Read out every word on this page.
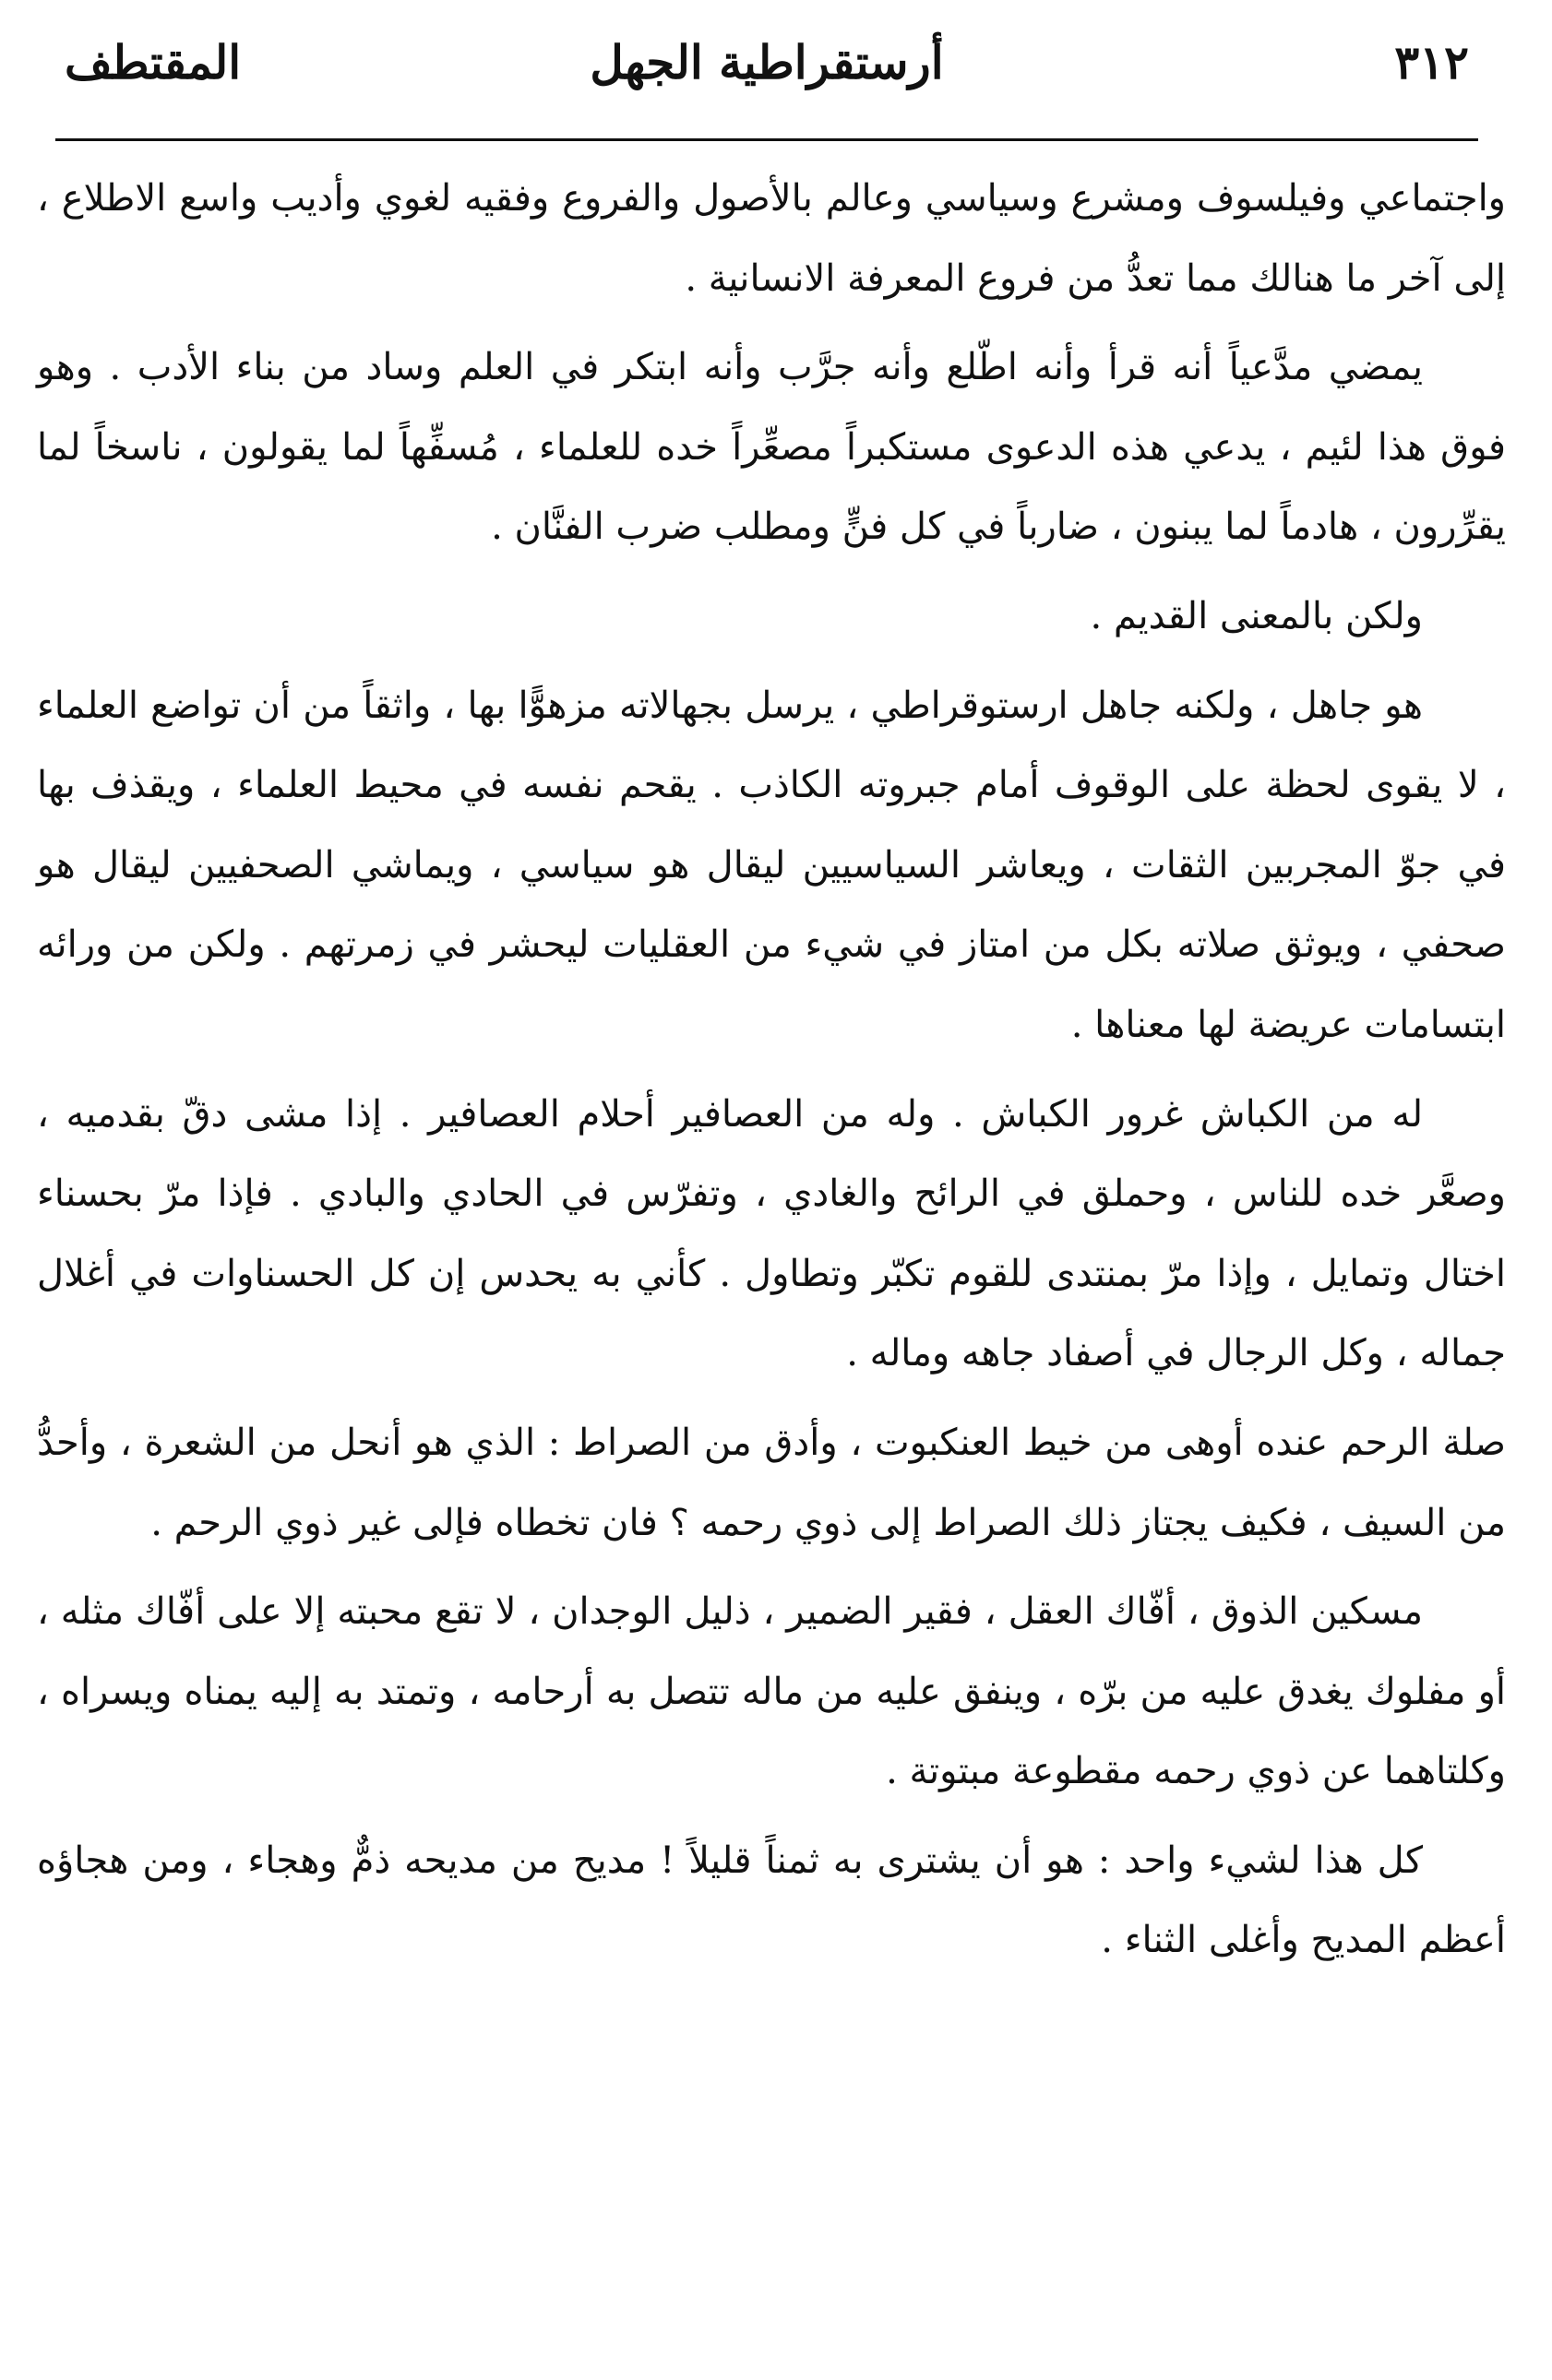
٣١٢
أرستقراطية الجهل
المقتطف

واجتماعي وفيلسوف ومشرع وسياسي وعالم بالأصول والفروع وفقيه لغوي وأديب واسع الاطلاع ، إلى آخر ما هنالك مما تعدُّ من فروع المعرفة الانسانية .

يمضي مدَّعياً أنه قرأ وأنه اطّلع وأنه جرَّب وأنه ابتكر في العلم وساد من بناء الأدب . وهو فوق هذا لئيم ، يدعي هذه الدعوى مستكبراً مصعِّراً خده للعلماء ، مُسفِّهاً لما يقولون ، ناسخاً لما يقرِّرون ، هادماً لما يبنون ، ضارباً في كل فنٍّ ومطلب ضرب الفنَّان .

ولكن بالمعنى القديم .

هو جاهل ، ولكنه جاهل ارستوقراطي ، يرسل بجهالاته مزهوًّا بها ، واثقاً من أن تواضع العلماء ، لا يقوى لحظة على الوقوف أمام جبروته الكاذب . يقحم نفسه في محيط العلماء ، ويقذف بها في جوّ المجربين الثقات ، ويعاشر السياسيين ليقال هو سياسي ، ويماشي الصحفيين ليقال هو صحفي ، ويوثق صلاته بكل من امتاز في شيء من العقليات ليحشر في زمرتهم . ولكن من ورائه ابتسامات عريضة لها معناها .

له من الكباش غرور الكباش . وله من العصافير أحلام العصافير . إذا مشى دقّ بقدميه ، وصعَّر خده للناس ، وحملق في الرائح والغادي ، وتفرّس في الحادي والبادي . فإذا مرّ بحسناء اختال وتمايل ، وإذا مرّ بمنتدى للقوم تكبّر وتطاول . كأني به يحدس إن كل الحسناوات في أغلال جماله ، وكل الرجال في أصفاد جاهه وماله .

صلة الرحم عنده أوهى من خيط العنكبوت ، وأدق من الصراط : الذي هو أنحل من الشعرة ، وأحدُّ من السيف ، فكيف يجتاز ذلك الصراط إلى ذوي رحمه ؟ فان تخطاه فإلى غير ذوي الرحم .

مسكين الذوق ، أفّاك العقل ، فقير الضمير ، ذليل الوجدان ، لا تقع محبته إلا على أفّاك مثله ، أو مفلوك يغدق عليه من برّه ، وينفق عليه من ماله تتصل به أرحامه ، وتمتد به إليه يمناه ويسراه ، وكلتاهما عن ذوي رحمه مقطوعة مبتوتة .

كل هذا لشيء واحد : هو أن يشترى به ثمناً قليلاً ! مديح من مديحه ذمٌّ وهجاء ، ومن هجاؤه أعظم المديح وأغلى الثناء .
